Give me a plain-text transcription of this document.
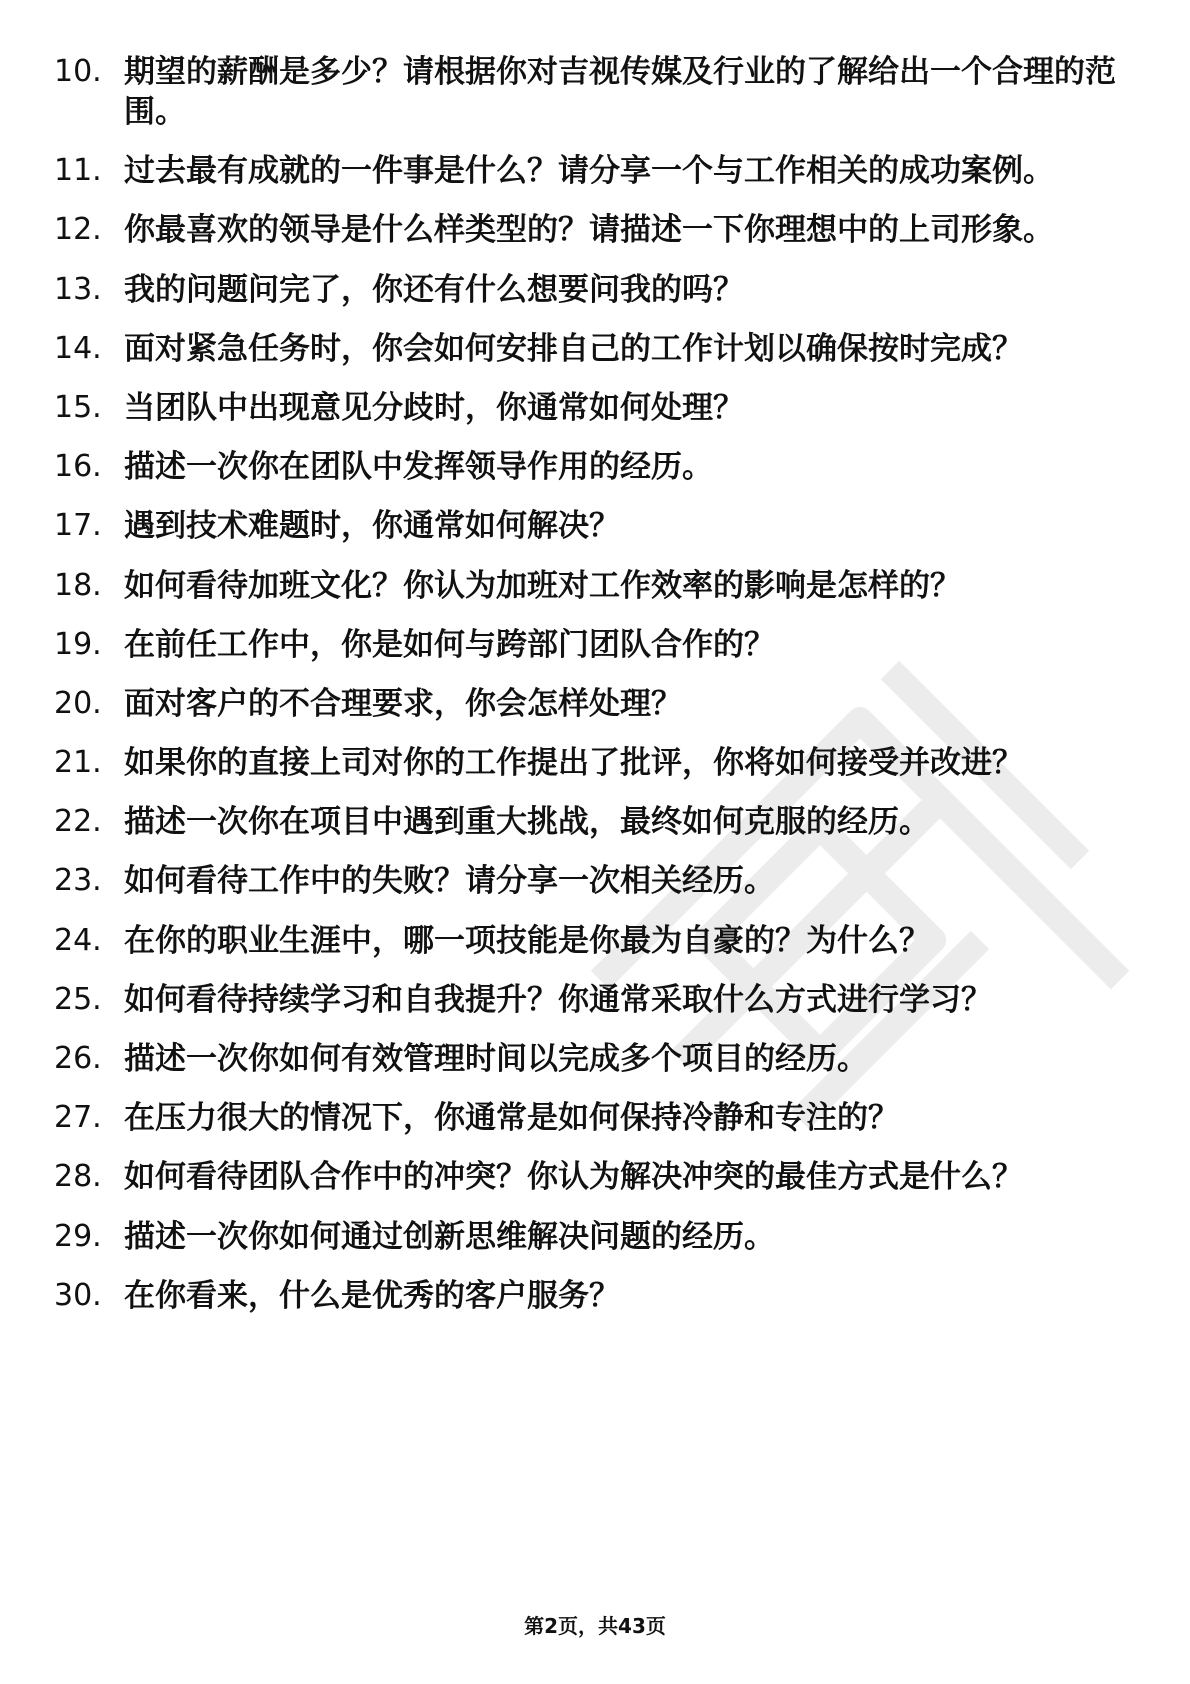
10. 期望的薪酬是多少？请根据你对吉视传媒及行业的了解给出一个合理的范围。
11. 过去最有成就的一件事是什么？请分享一个与工作相关的成功案例。
12. 你最喜欢的领导是什么样类型的？请描述一下你理想中的上司形象。
13. 我的问题问完了，你还有什么想要问我的吗？
14. 面对紧急任务时，你会如何安排自己的工作计划以确保按时完成？
15. 当团队中出现意见分歧时，你通常如何处理？
16. 描述一次你在团队中发挥领导作用的经历。
17. 遇到技术难题时，你通常如何解决？
18. 如何看待加班文化？你认为加班对工作效率的影响是怎样的？
19. 在前任工作中，你是如何与跨部门团队合作的？
20. 面对客户的不合理要求，你会怎样处理？
21. 如果你的直接上司对你的工作提出了批评，你将如何接受并改进？
22. 描述一次你在项目中遇到重大挑战，最终如何克服的经历。
23. 如何看待工作中的失败？请分享一次相关经历。
24. 在你的职业生涯中，哪一项技能是你最为自豪的？为什么？
25. 如何看待持续学习和自我提升？你通常采取什么方式进行学习？
26. 描述一次你如何有效管理时间以完成多个项目的经历。
27. 在压力很大的情况下，你通常是如何保持冷静和专注的？
28. 如何看待团队合作中的冲突？你认为解决冲突的最佳方式是什么？
29. 描述一次你如何通过创新思维解决问题的经历。
30. 在你看来，什么是优秀的客户服务？
第2页，共43页
